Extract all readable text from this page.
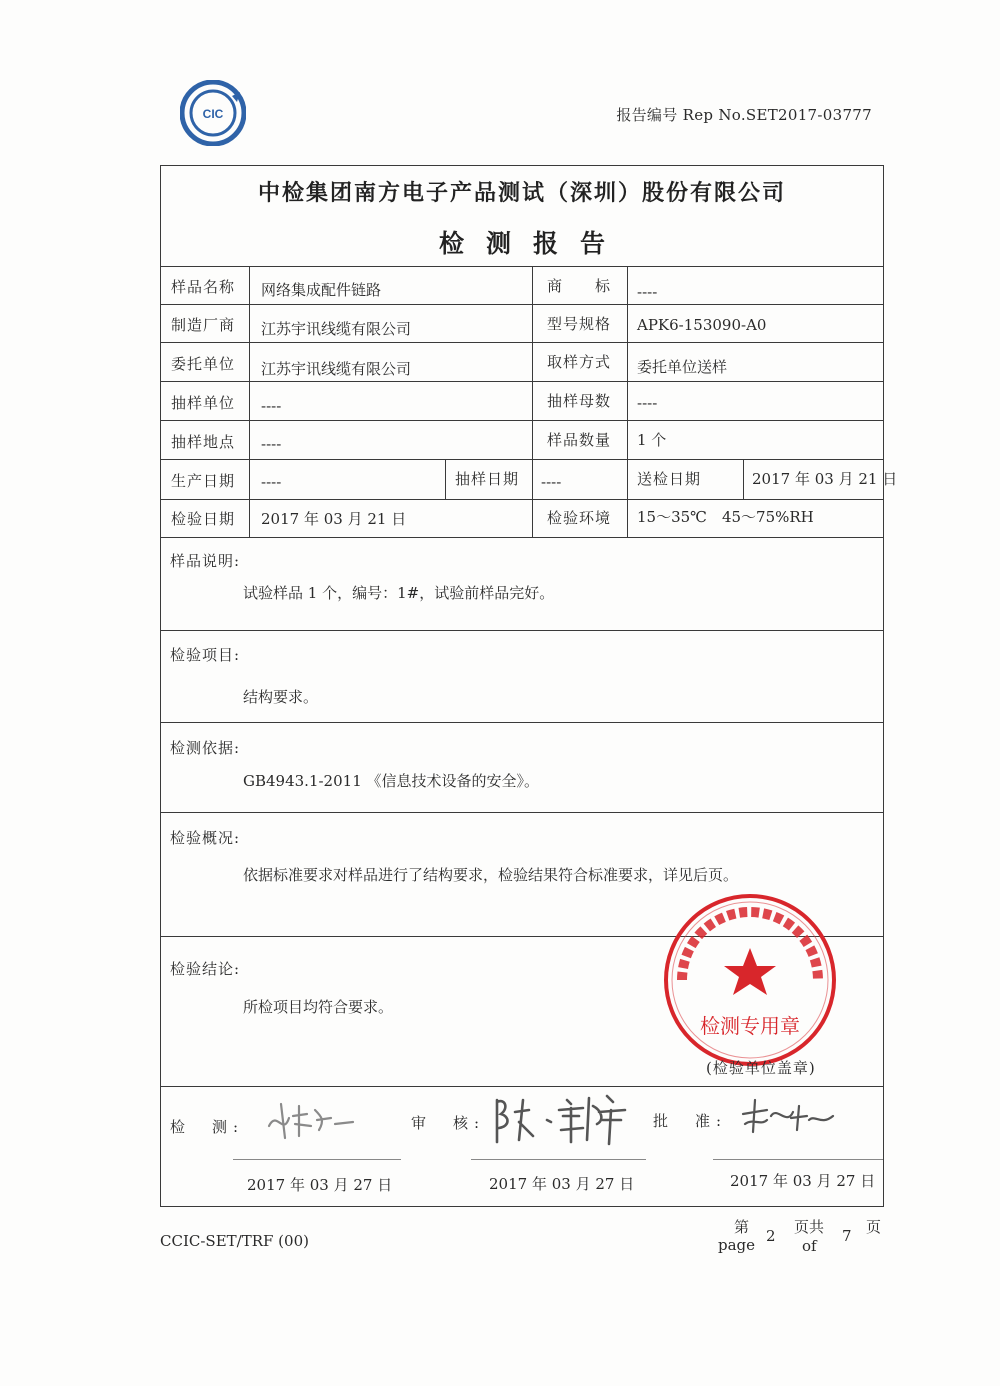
CIC	报告编号 Rep No.SET2017-03777
中检集团南方电子产品测试（深圳）股份有限公司
检测报告
样品名称 网络集成配件链路	商　　标 ----
制造厂商 江苏宇讯线缆有限公司	型号规格 APK6-153090-A0
委托单位 江苏宇讯线缆有限公司	取样方式 委托单位送样
抽样单位 ----	抽样母数 ----
抽样地点 ----	样品数量 1 个
生产日期 ----	抽样日期 ----	送检日期	2017 年 03 月 21 日
检验日期 2017 年 03 月 21 日	检验环境 15～35℃　45～75%RH
样品说明:
试验样品 1 个，编号：1#，试验前样品完好。
检验项目:
结构要求。
检测依据:
GB4943.1-2011 《信息技术设备的安全》。
检验概况:
依据标准要求对样品进行了结构要求，检验结果符合标准要求，详见后页。
检验结论:
所检项目均符合要求。
检　测:	审　核:	批　准:
2017 年 03 月 27 日	2017 年 03 月 27 日	2017 年 03 月 27 日
检测专用章
(检验单位盖章)
CCIC-SET/TRF (00)
第
page 2 页共
of
7 页
